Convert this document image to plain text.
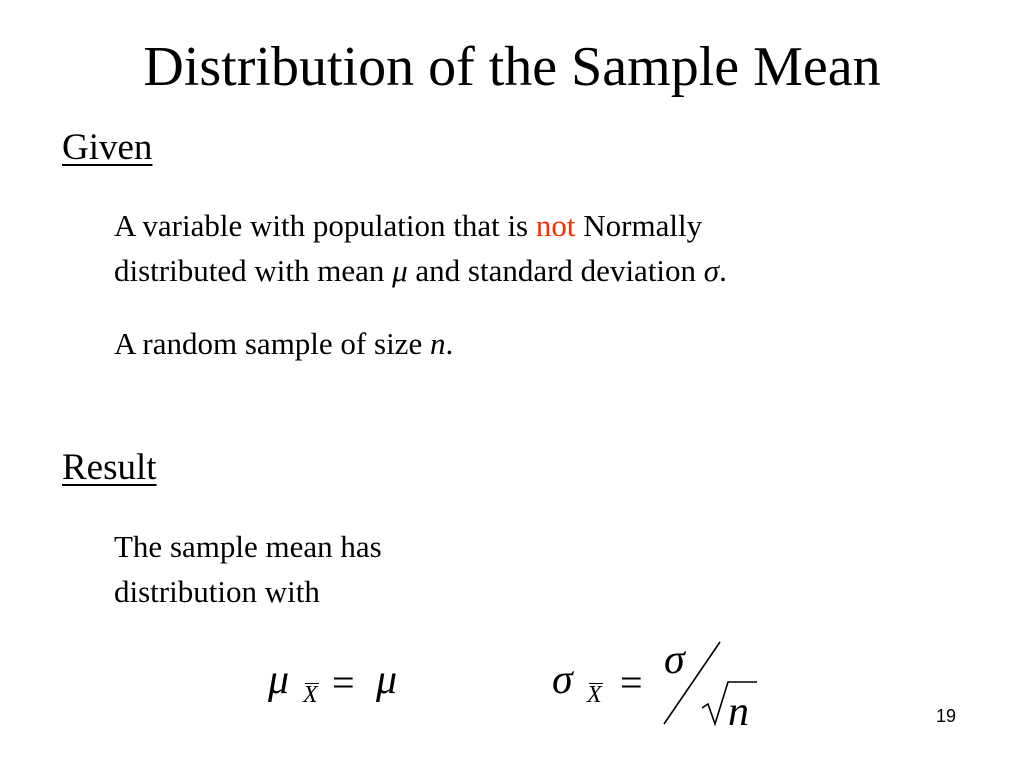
Distribution of the Sample Mean
Given
A variable with population that is not Normally
distributed with mean μ and standard deviation σ.
A random sample of size n.
Result
The sample mean has
distribution with
μ X = μ	σ X = σ
n	19
